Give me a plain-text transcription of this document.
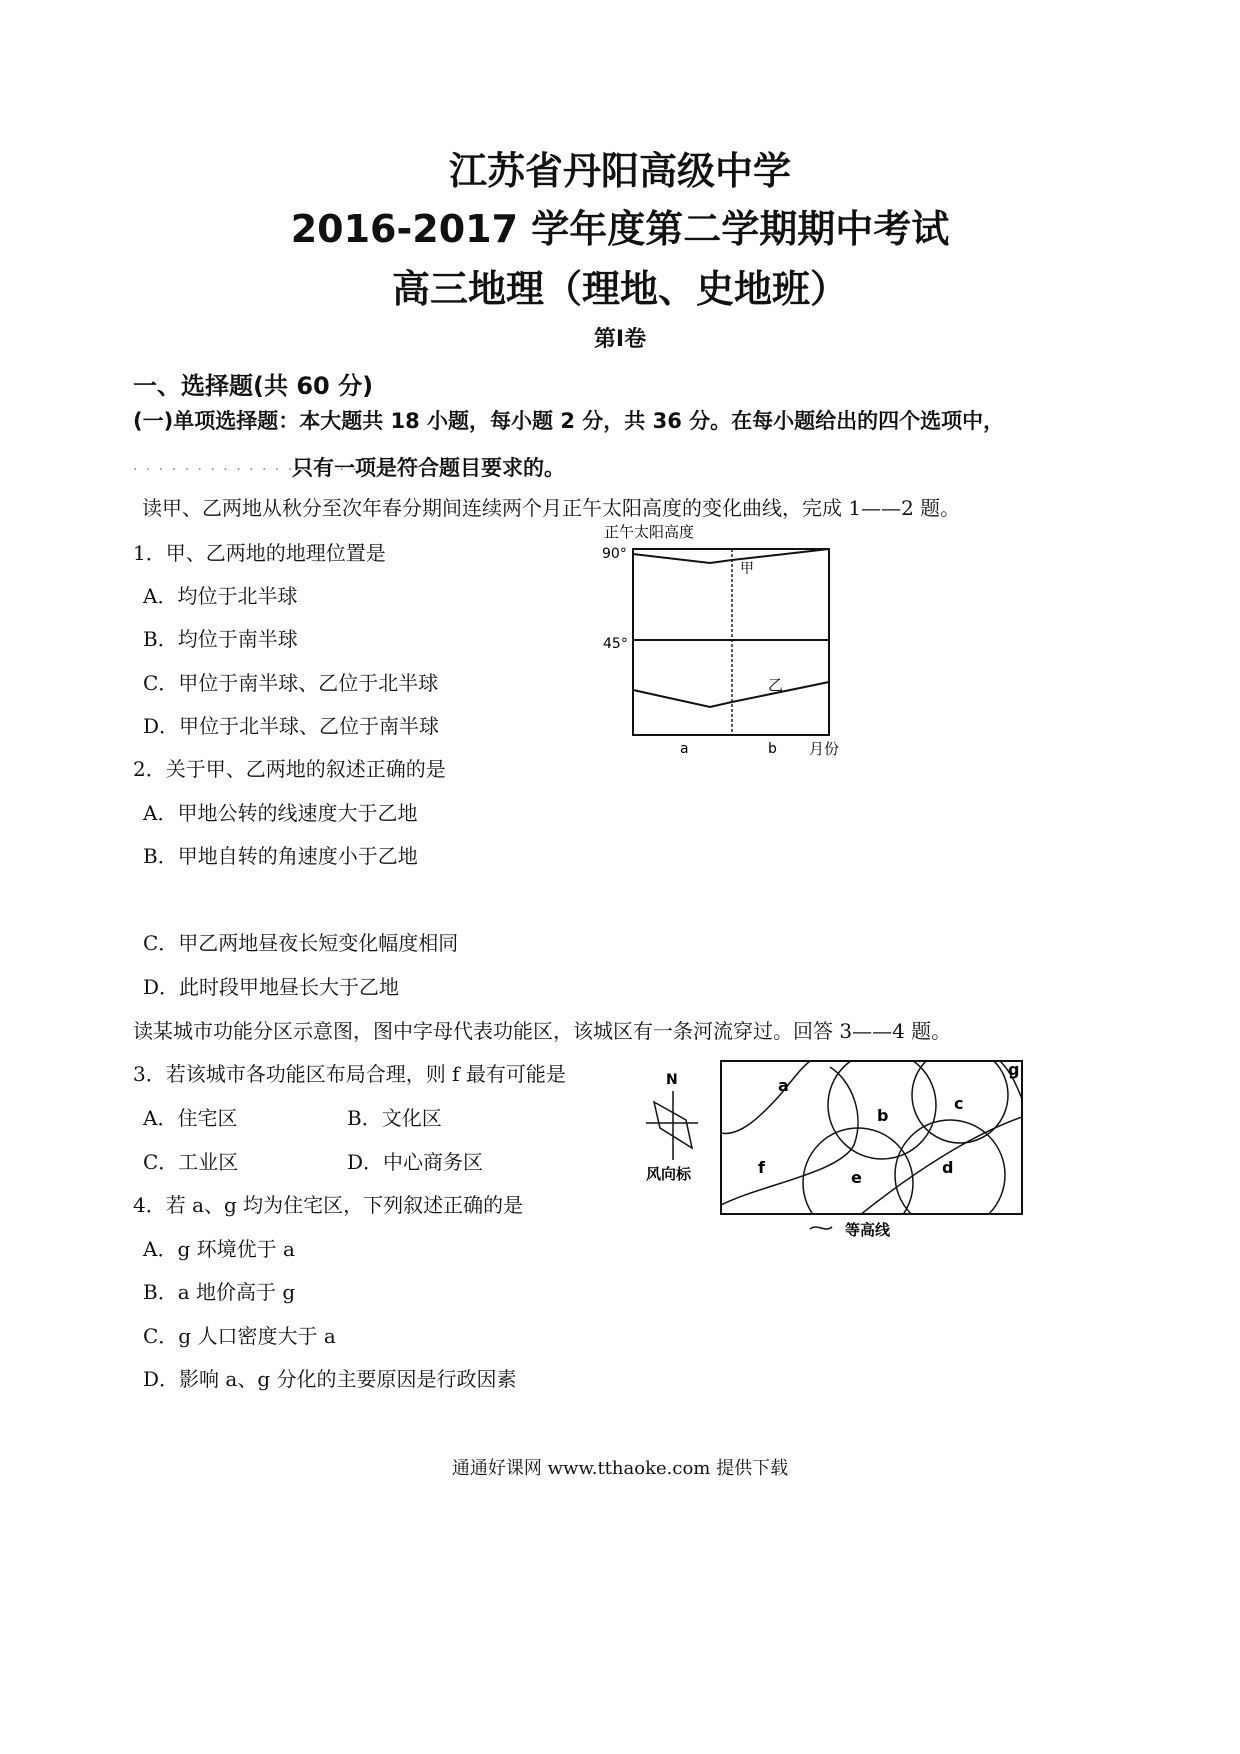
江苏省丹阳高级中学
2016-2017 学年度第二学期期中考试
高三地理（理地、史地班）
第Ⅰ卷
一、选择题(共 60 分)
(一)单项选择题：本大题共 18 小题，每小题 2 分，共 36 分。在每小题给出的四个选项中，
. . . . . . . . . . . . . . . . . .
只有一项是符合题目要求的。
读甲、乙两地从秋分至次年春分期间连续两个月正午太阳高度的变化曲线，完成 1——2 题。
1．甲、乙两地的地理位置是
A．均位于北半球
B．均位于南半球
C．甲位于南半球、乙位于北半球
D．甲位于北半球、乙位于南半球
2．关于甲、乙两地的叙述正确的是
A．甲地公转的线速度大于乙地
B．甲地自转的角速度小于乙地
C．甲乙两地昼夜长短变化幅度相同
D．此时段甲地昼长大于乙地
读某城市功能分区示意图，图中字母代表功能区，该城区有一条河流穿过。回答 3——4 题。
3．若该城市各功能区布局合理，则 f 最有可能是
A．住宅区	B．文化区
C．工业区	D．中心商务区
4．若 a、g 均为住宅区，下列叙述正确的是
A．g 环境优于 a
B．a 地价高于 g
C．g 人口密度大于 a
D．影响 a、g 分化的主要原因是行政因素
正午太阳高度
90°
45°
甲
乙
a	b 月份
N
风向标
a
b
c
d
e
f
g
等高线
通通好课网 www.tthaoke.com 提供下载
